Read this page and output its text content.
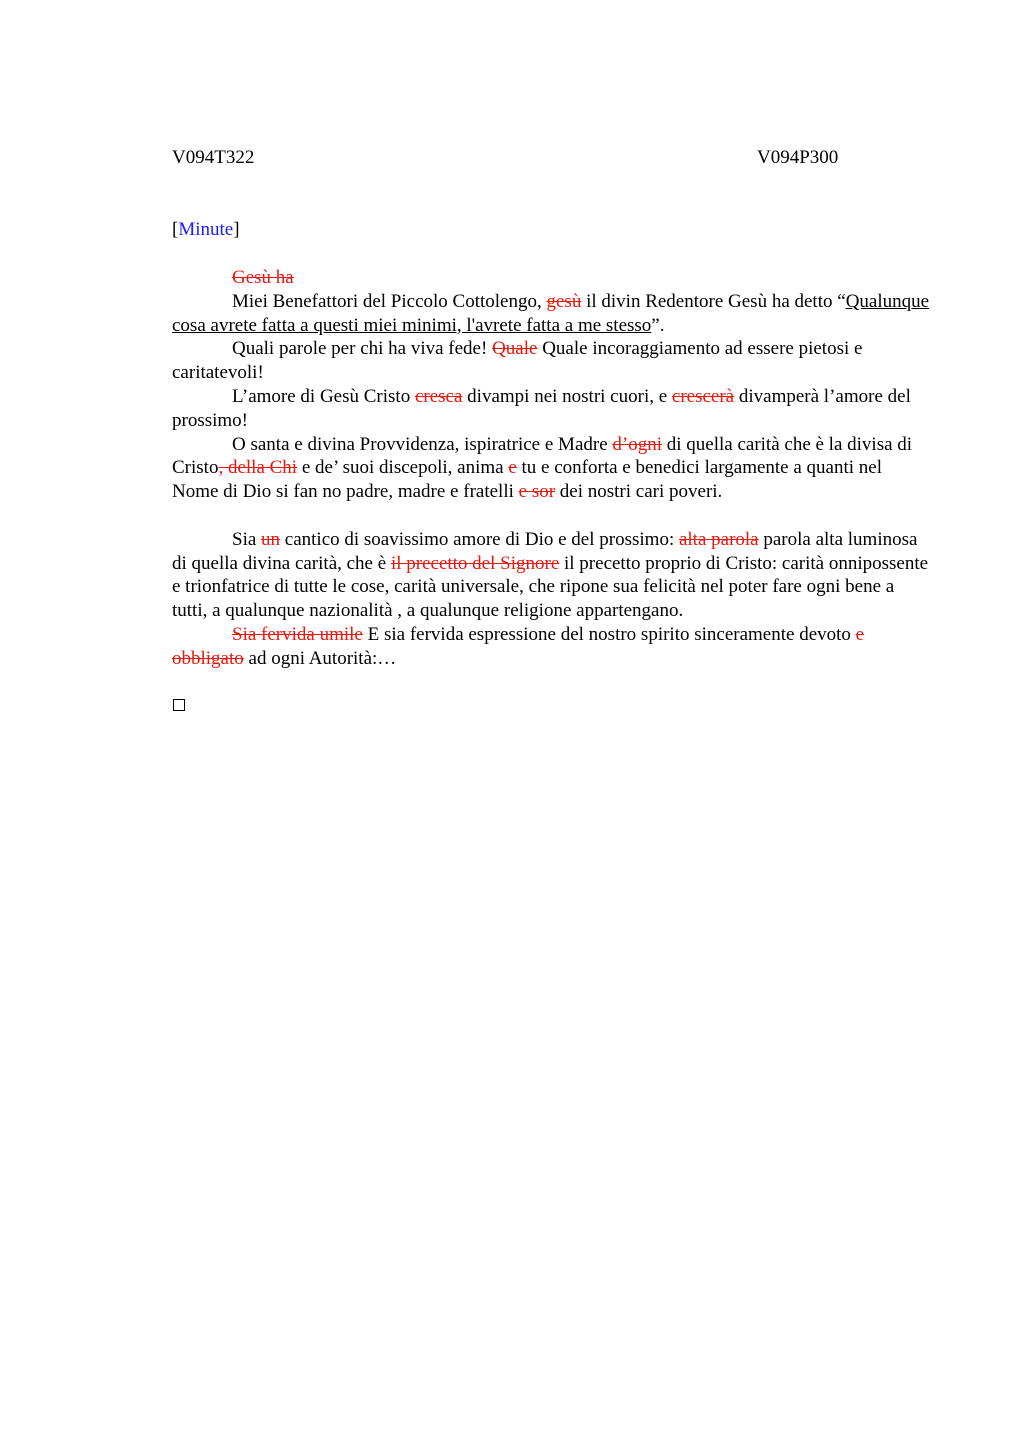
V094T322	V094P300
[Minute]

Gesù ha

Miei Benefattori del Piccolo Cottolengo, gesù il divin Redentore Gesù ha detto “Qualunque cosa avrete fatta a questi miei minimi, l'avrete fatta a me stesso”.

Quali parole per chi ha viva fede! Quale Quale incoraggiamento ad essere pietosi e caritatevoli!

L’amore di Gesù Cristo cresca divampi nei nostri cuori, e crescerà divamperà l’amore del prossimo!

O santa e divina Provvidenza, ispiratrice e Madre d’ogni di quella carità che è la divisa di Cristo, della Chi e de’ suoi discepoli, anima e tu e conforta e benedici largamente a quanti nel Nome di Dio si fan no padre, madre e fratelli e sor dei nostri cari poveri.

Sia un cantico di soavissimo amore di Dio e del prossimo: alta parola parola alta luminosa di quella divina carità, che è il precetto del Signore il precetto proprio di Cristo: carità onnipossente e trionfatrice di tutte le cose, carità universale, che ripone sua felicità nel poter fare ogni bene a tutti, a qualunque nazionalità , a qualunque religione appartengano.

Sia fervida umile E sia fervida espressione del nostro spirito sinceramente devoto e obbligato ad ogni Autorità:…
